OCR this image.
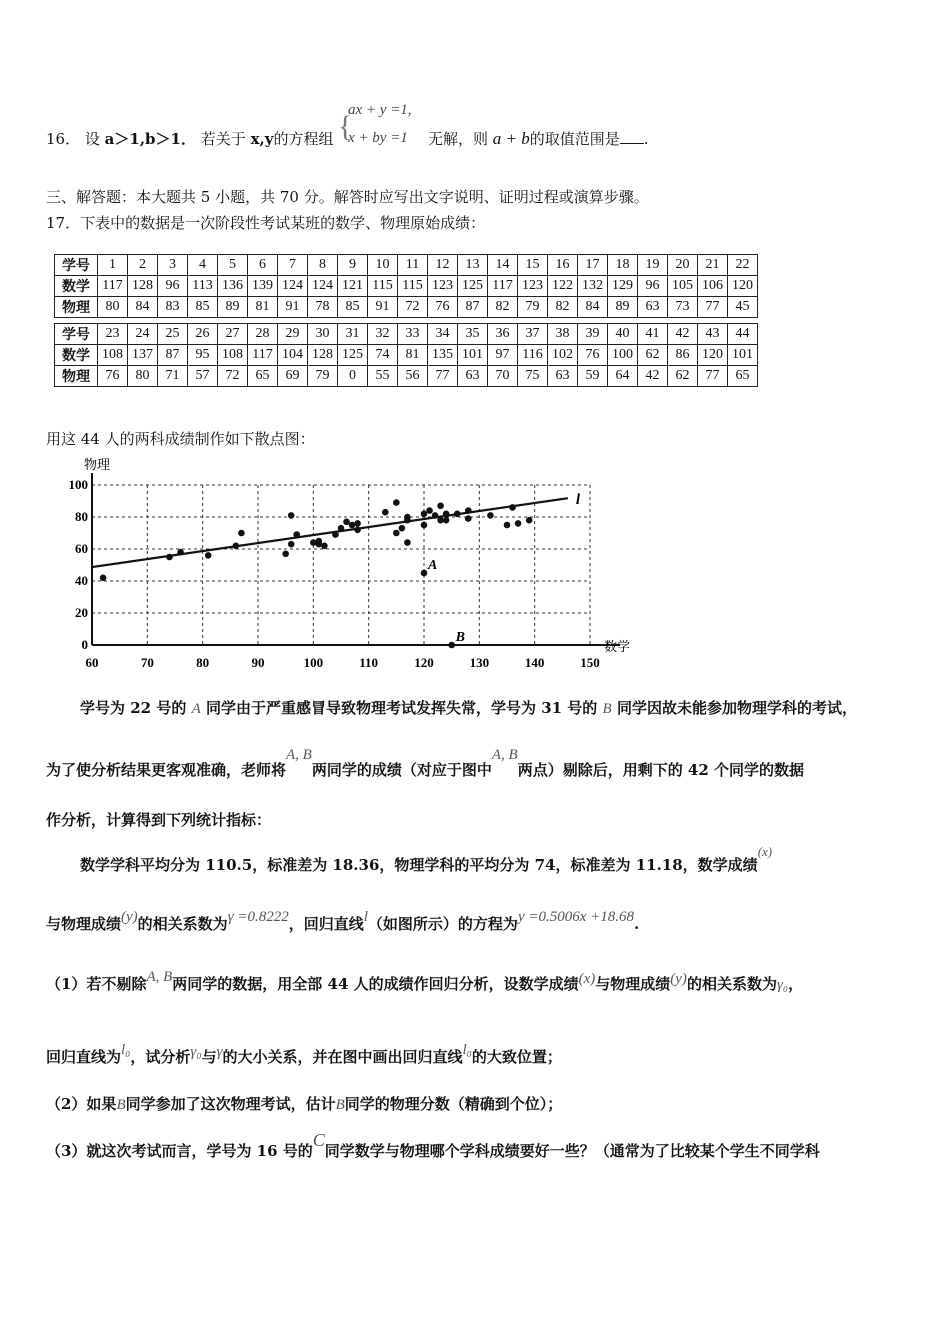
16． 设 a＞1,b＞1． 若关于 x,y的方程组 {
ax + y =1,
x + by =1 无解，则 a + b的取值范围是 .
三、解答题：本大题共 5 小题，共 70 分。解答时应写出文字说明、证明过程或演算步骤。
17．下表中的数据是一次阶段性考试某班的数学、物理原始成绩：
学号	1	2	3	4	5	6	7	8	9	10	11	12	13	14	15	16	17	18	19	20	21	22
数学	117	128	96	113	136	139	124	124	121	115	115	123	125	117	123	122	132	129	96	105	106	120
物理	80	84	83	85	89	81	91	78	85	91	72	76	87	82	79	82	84	89	63	73	77	45
学号	23	24	25	26	27	28	29	30	31	32	33	34	35	36	37	38	39	40	41	42	43	44
数学	108	137	87	95	108	117	104	128	125	74	81	135	101	97	116	102	76	100	62	86	120	101
物理	76	80	71	57	72	65	69	79	0	55	56	77	63	70	75	63	59	64	42	62	77	65
用这 44 人的两科成绩制作如下散点图：
60	70	80	90	100	110	120	130	140	150
0
20
40
60
80
100
物理
数学
l
A
B
学号为 22 号的 A 同学由于严重感冒导致物理考试发挥失常，学号为 31 号的 B 同学因故未能参加物理学科的考试，
为了使分析结果更客观准确，老师将A, B两同学的成绩（对应于图中A, B两点）剔除后，用剩下的 42 个同学的数据
作分析，计算得到下列统计指标：
数学学科平均分为 110.5，标准差为 18.36，物理学科的平均分为 74，标准差为 11.18，数学成绩(x)
与物理成绩(y)的相关系数为γ =0.8222，回归直线l（如图所示）的方程为y =0.5006x +18.68.
（1）若不剔除A, B两同学的数据，用全部 44 人的成绩作回归分析，设数学成绩(x)与物理成绩(y)的相关系数为γ₀，
回归直线为l₀，试分析γ₀与γ的大小关系，并在图中画出回归直线l₀的大致位置；
（2）如果B同学参加了这次物理考试，估计B同学的物理分数（精确到个位）；
（3）就这次考试而言，学号为 16 号的C同学数学与物理哪个学科成绩要好一些？（通常为了比较某个学生不同学科
